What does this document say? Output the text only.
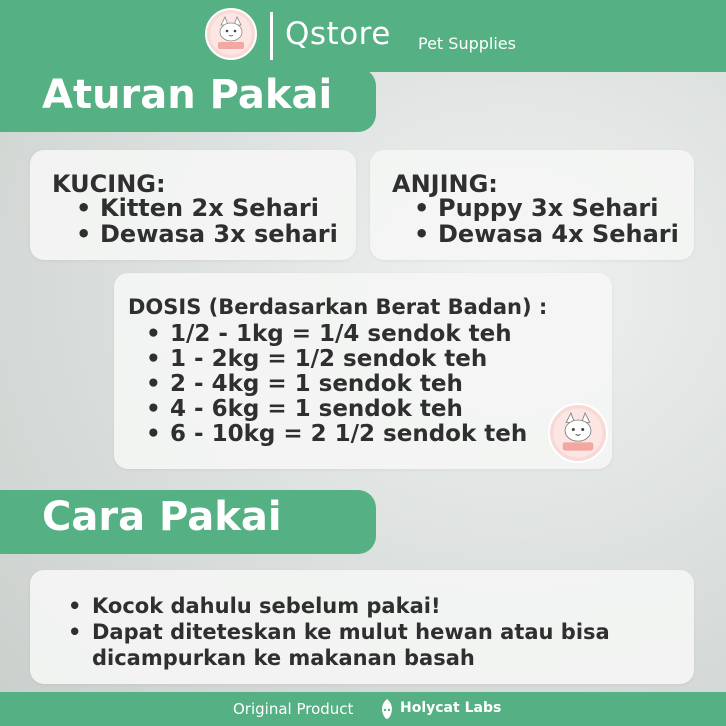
Qstore Pet Supplies
Aturan Pakai
KUCING:
• Kitten 2x Sehari
• Dewasa 3x sehari
ANJING:
• Puppy 3x Sehari
• Dewasa 4x Sehari
DOSIS (Berdasarkan Berat Badan) :
• 1/2 - 1kg = 1/4 sendok teh
• 1 - 2kg = 1/2 sendok teh
• 2 - 4kg = 1 sendok teh
• 4 - 6kg = 1 sendok teh
• 6 - 10kg = 2 1/2 sendok teh
Cara Pakai
• Kocok dahulu sebelum pakai!
• Dapat diteteskan ke mulut hewan atau bisa
dicampurkan ke makanan basah
Original Product	Holycat Labs
